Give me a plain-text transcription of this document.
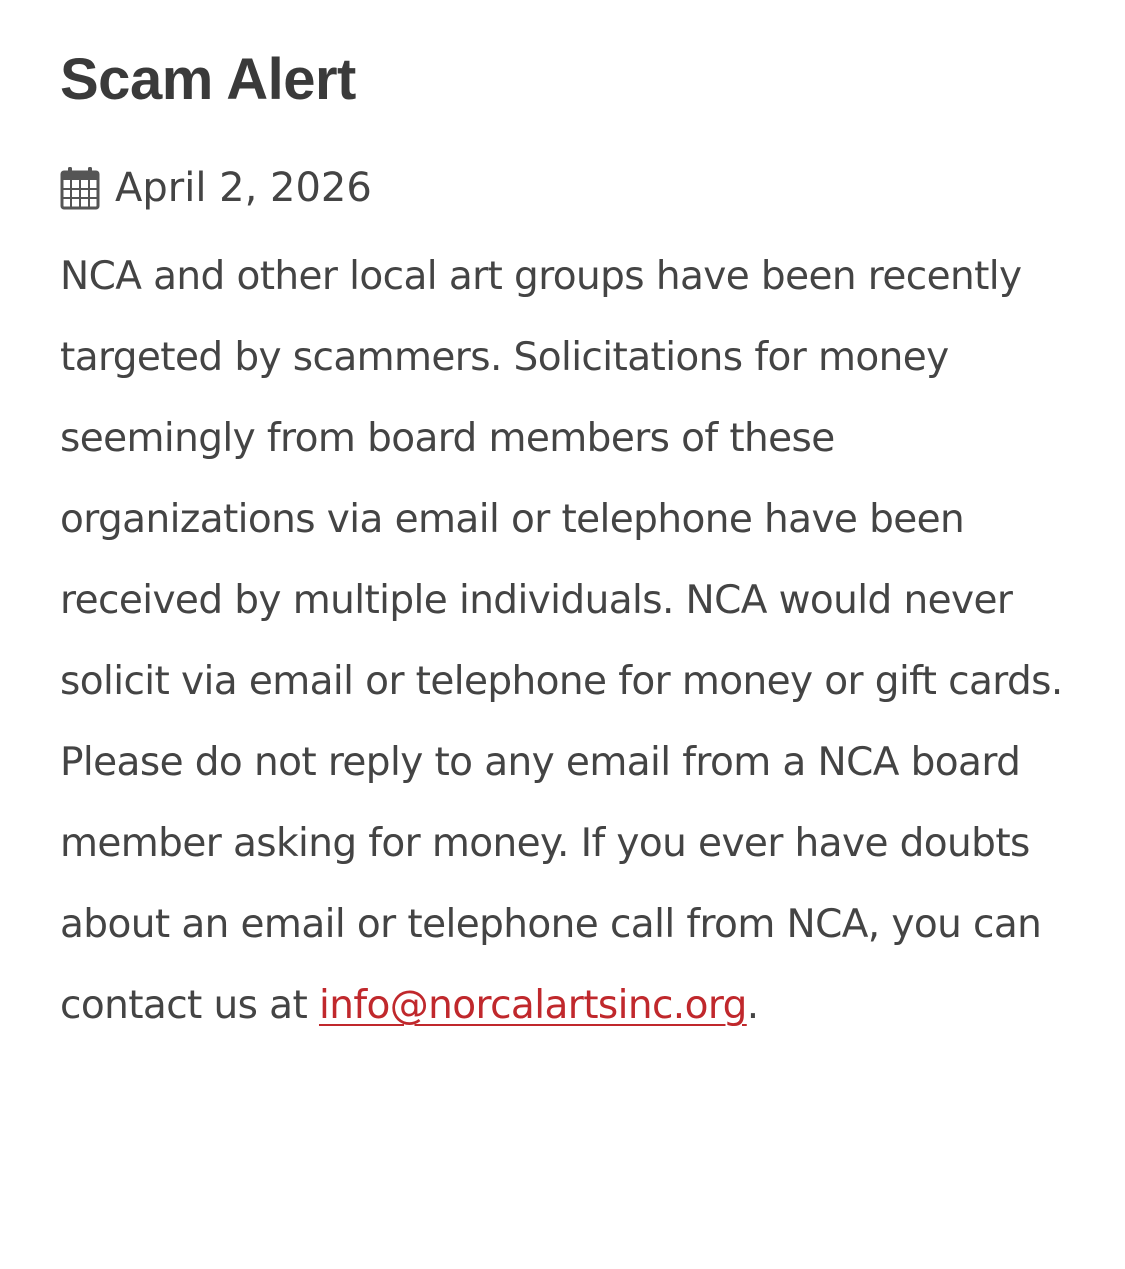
Scam Alert
April 2, 2026

NCA and other local art groups have been recently targeted by scammers. Solicitations for money seemingly from board members of these organizations via email or telephone have been received by multiple individuals. NCA would never solicit via email or telephone for money or gift cards. Please do not reply to any email from a NCA board member asking for money. If you ever have doubts about an email or telephone call from NCA, you can contact us at info@norcalartsinc.org.
